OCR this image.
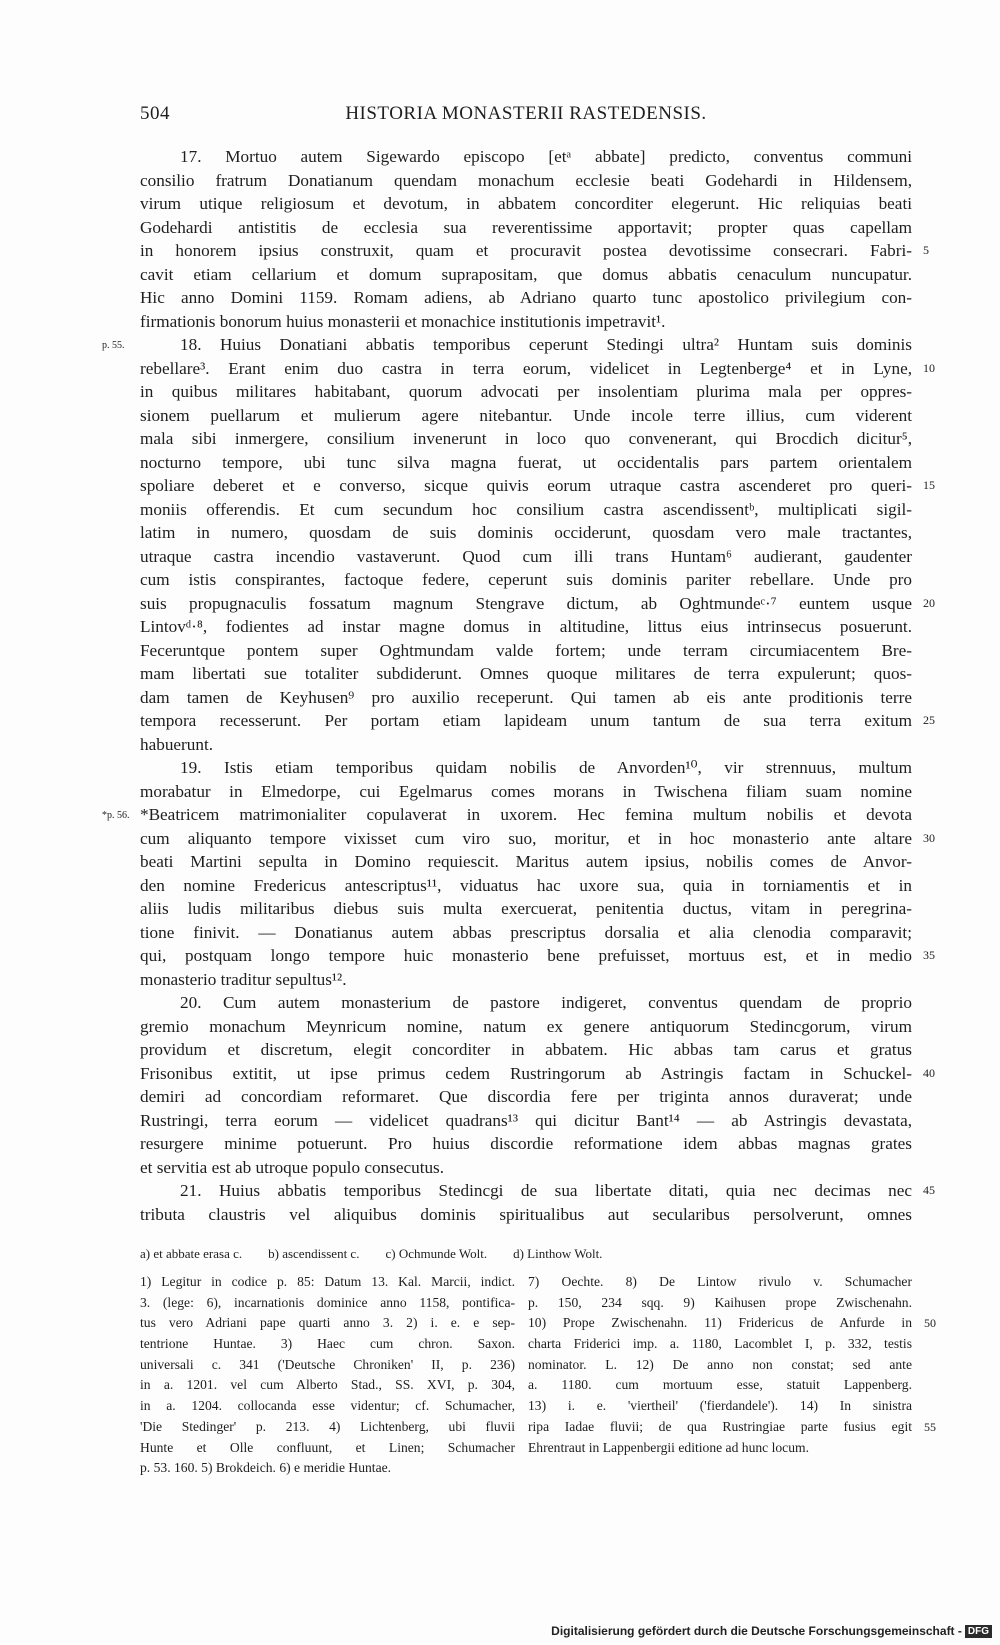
504	HISTORIA MONASTERII RASTEDENSIS.
17. Mortuo autem Sigewardo episcopo [etᵃ abbate] predicto, conventus communi
consilio fratrum Donatianum quendam monachum ecclesie beati Godehardi in Hildensem,
virum utique religiosum et devotum, in abbatem concorditer elegerunt. Hic reliquias beati
Godehardi antistitis de ecclesia sua reverentissime apportavit; propter quas capellam
in honorem ipsius construxit, quam et procuravit postea devotissime consecrari. Fabri- 5
cavit etiam cellarium et domum suprapositam, que domus abbatis cenaculum nuncupatur.
Hic anno Domini 1159. Romam adiens, ab Adriano quarto tunc apostolico privilegium con-
firmationis bonorum huius monasterii et monachice institutionis impetravit¹.
18. Huius Donatiani abbatis temporibus ceperunt Stedingi ultra² Huntam suis dominis
p. 55.
rebellare³. Erant enim duo castra in terra eorum, videlicet in Legtenberge⁴ et in Lyne, 10
in quibus militares habitabant, quorum advocati per insolentiam plurima mala per oppres-
sionem puellarum et mulierum agere nitebantur. Unde incole terre illius, cum viderent
mala sibi inmergere, consilium invenerunt in loco quo convenerant, qui Brocdich dicitur⁵,
nocturno tempore, ubi tunc silva magna fuerat, ut occidentalis pars partem orientalem
spoliare deberet et e converso, sicque quivis eorum utraque castra ascenderet pro queri- 15
moniis offerendis. Et cum secundum hoc consilium castra ascendissentᵇ, multiplicati sigil-
latim in numero, quosdam de suis dominis occiderunt, quosdam vero male tractantes,
utraque castra incendio vastaverunt. Quod cum illi trans Huntam⁶ audierant, gaudenter
cum istis conspirantes, factoque federe, ceperunt suis dominis pariter rebellare. Unde pro
suis propugnaculis fossatum magnum Stengrave dictum, ab Oghtmundeᶜ·⁷ euntem usque 20
Lintovᵈ·⁸, fodientes ad instar magne domus in altitudine, littus eius intrinsecus posuerunt.
Feceruntque pontem super Oghtmundam valde fortem; unde terram circumiacentem Bre-
mam libertati sue totaliter subdiderunt. Omnes quoque militares de terra expulerunt; quos-
dam tamen de Keyhusen⁹ pro auxilio receperunt. Qui tamen ab eis ante proditionis terre
tempora recesserunt. Per portam etiam lapideam unum tantum de sua terra exitum 25
habuerunt.
19. Istis etiam temporibus quidam nobilis de Anvorden¹⁰, vir strennuus, multum
morabatur in Elmedorpe, cui Egelmarus comes morans in Twischena filiam suam nomine
*Beatricem matrimonialiter copulaverat in uxorem. Hec femina multum nobilis et devota
*p. 56.
cum aliquanto tempore vixisset cum viro suo, moritur, et in hoc monasterio ante altare 30
beati Martini sepulta in Domino requiescit. Maritus autem ipsius, nobilis comes de Anvor-
den nomine Fredericus antescriptus¹¹, viduatus hac uxore sua, quia in torniamentis et in
aliis ludis militaribus diebus suis multa exercuerat, penitentia ductus, vitam in peregrina-
tione finivit. — Donatianus autem abbas prescriptus dorsalia et alia clenodia comparavit;
qui, postquam longo tempore huic monasterio bene prefuisset, mortuus est, et in medio 35
monasterio traditur sepultus¹².
20. Cum autem monasterium de pastore indigeret, conventus quendam de proprio
gremio monachum Meynricum nomine, natum ex genere antiquorum Stedincgorum, virum
providum et discretum, elegit concorditer in abbatem. Hic abbas tam carus et gratus
Frisonibus extitit, ut ipse primus cedem Rustringorum ab Astringis factam in Schuckel- 40
demiri ad concordiam reformaret. Que discordia fere per triginta annos duraverat; unde
Rustringi, terra eorum — videlicet quadrans¹³ qui dicitur Bant¹⁴ — ab Astringis devastata,
resurgere minime potuerunt. Pro huius discordie reformatione idem abbas magnas grates
et servitia est ab utroque populo consecutus.
21. Huius abbatis temporibus Stedincgi de sua libertate ditati, quia nec decimas nec 45
tributa claustris vel aliquibus dominis spiritualibus aut secularibus persolverunt, omnes
a) et abbate erasa c. b) ascendissent c. c) Ochmunde Wolt. d) Linthow Wolt.
1) Legitur in codice p. 85: Datum 13. Kal. Marcii, indict.
3. (lege: 6), incarnationis dominice anno 1158, pontifica-
tus vero Adriani pape quarti anno 3. 2) i. e. e sep-
tentrione Huntae. 3) Haec cum chron. Saxon.
universali c. 341 ('Deutsche Chroniken' II, p. 236)
in a. 1201. vel cum Alberto Stad., SS. XVI, p. 304,
in a. 1204. collocanda esse videntur; cf. Schumacher,
'Die Stedinger' p. 213. 4) Lichtenberg, ubi fluvii
Hunte et Olle confluunt, et Linen; Schumacher
p. 53. 160. 5) Brokdeich. 6) e meridie Huntae.
7) Oechte. 8) De Lintow rivulo v. Schumacher
p. 150, 234 sqq. 9) Kaihusen prope Zwischenahn.
10) Prope Zwischenahn. 11) Fridericus de Anfurde in 50
charta Friderici imp. a. 1180, Lacomblet I, p. 332, testis
nominator. L. 12) De anno non constat; sed ante
a. 1180. cum mortuum esse, statuit Lappenberg.
13) i. e. 'viertheil' ('fierdandele'). 14) In sinistra
ripa Iadae fluvii; de qua Rustringiae parte fusius egit 55
Ehrentraut in Lappenbergii editione ad hunc locum.
Digitalisierung gefördert durch die Deutsche Forschungsgemeinschaft - DFG
